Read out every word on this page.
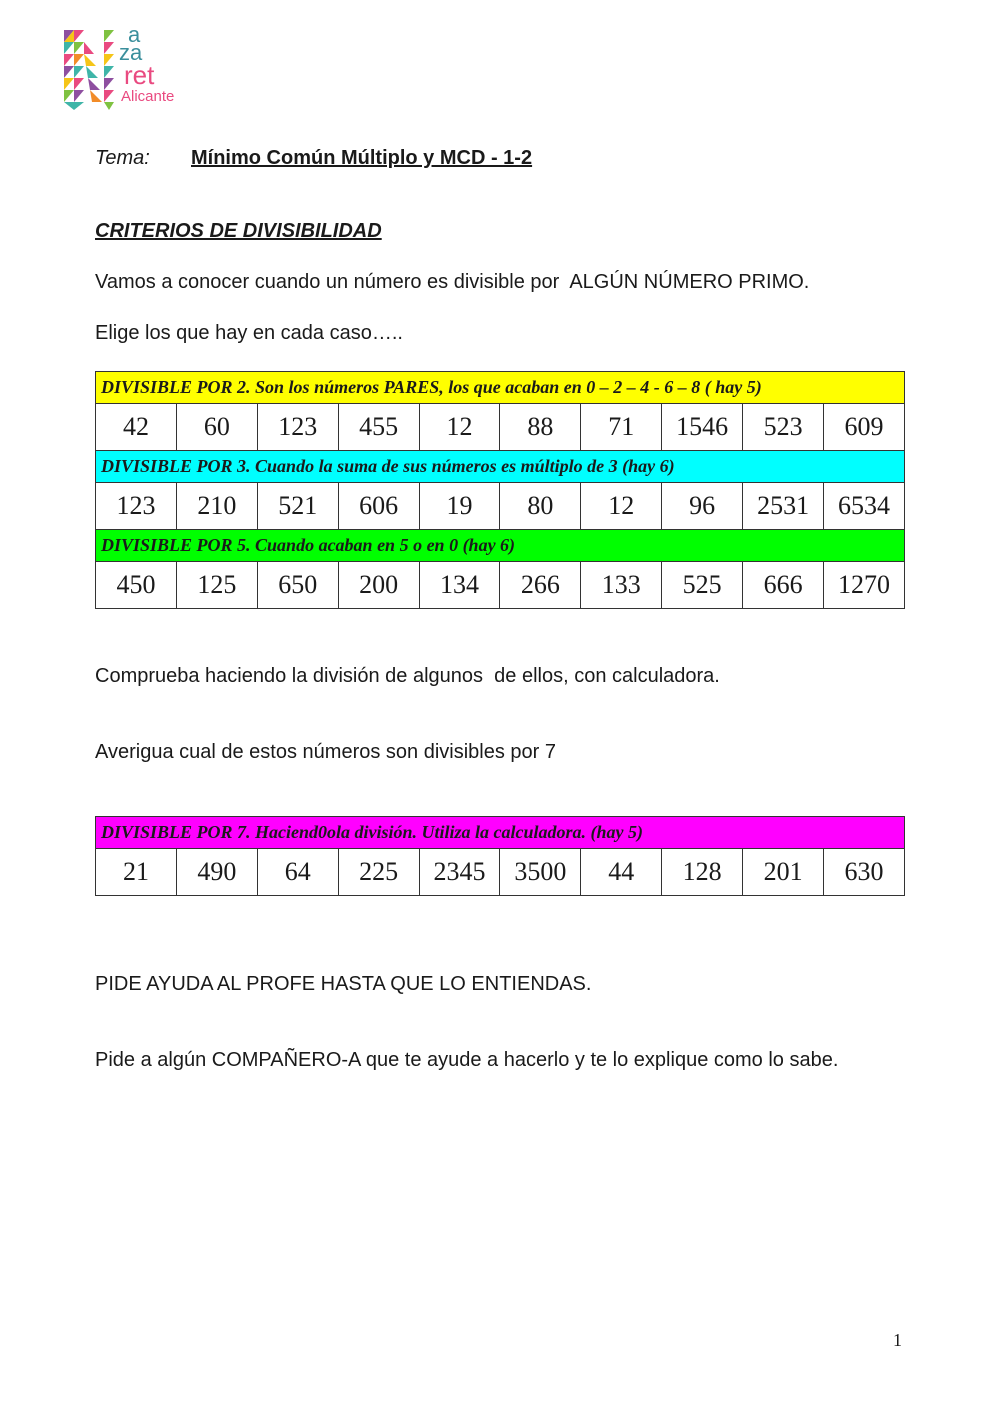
a
za
ret
Alicante
Tema: Mínimo Común Múltiplo y MCD - 1-2
CRITERIOS DE DIVISIBILIDAD
Vamos a conocer cuando un número es divisible por  ALGÚN NÚMERO PRIMO.
Elige los que hay en cada caso…..
DIVISIBLE POR 2. Son los números PARES, los que acaban en 0 – 2 – 4 - 6 – 8 ( hay 5)									
42	60	123	455	12	88	71	1546	523	609
DIVISIBLE POR 3. Cuando la suma de sus números es múltiplo de 3 (hay 6)									
123	210	521	606	19	80	12	96	2531	6534
DIVISIBLE POR 5. Cuando acaban en 5 o en 0 (hay 6)									
450	125	650	200	134	266	133	525	666	1270
Comprueba haciendo la división de algunos  de ellos, con calculadora.
Averigua cual de estos números son divisibles por 7
DIVISIBLE POR 7. Haciend0ola división. Utiliza la calculadora. (hay 5)
21	490	64	225	2345	3500	44	128	201	630
PIDE AYUDA AL PROFE HASTA QUE LO ENTIENDAS.
Pide a algún COMPAÑERO-A que te ayude a hacerlo y te lo explique como lo sabe.
1
